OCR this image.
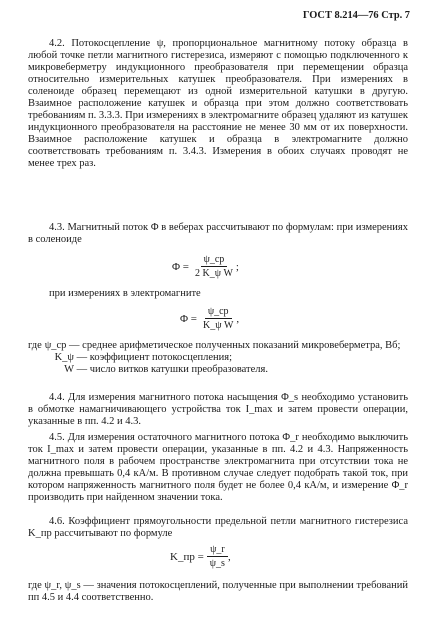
ГОСТ 8.214—76 Стр. 7

4.2. Потокосцепление ψ, пропорциональное магнитному потоку образца в любой точке петли магнитного гистерезиса, измеряют с помощью подключенного к микровеберметру индукционного преобразователя при перемещении образца относительно измерительных катушек преобразователя. При измерениях в соленоиде образец перемещают из одной измерительной катушки в другую. Взаимное расположение катушек и образца при этом должно соответствовать требованиям п. 3.3.3. При измерениях в электромагните образец удаляют из катушек индукционного преобразователя на расстояние не менее 30 мм от их поверхности. Взаимное расположение катушек и образца в электромагните должно соответствовать требованиям п. 3.4.3. Измерения в обоих случаях проводят не менее трех раз.

4.3. Магнитный поток Φ в веберах рассчитывают по формулам: при измерениях в соленоиде

$\Phi = \frac{\psi\_ср}{\text{2 K\_ψ W}}$ ;

при измерениях в электромагните

$\Phi = \frac{\psi\_ср}{\text{K\_ψ W}}$ ,
где
ψ_ср
— среднее арифметическое полученных показаний микровеберметра, Вб;
K_ψ
— коэффициент потокосцепления;
W
— число витков катушки преобразователя.

4.4. Для измерения магнитного потока насыщения Φ_s необходимо установить в обмотке намагничивающего устройства ток I_max и затем провести операции, указанные в пп. 4.2 и 4.3.

4.5. Для измерения остаточного магнитного потока Φ_r необходимо выключить ток I_max и затем провести операции, указанные в пп. 4.2 и 4.3. Напряженность магнитного поля в рабочем пространстве электромагнита при отсутствии тока не должна превышать 0,4 кА/м. В противном случае следует подобрать такой ток, при котором напряженность магнитного поля будет не более 0,4 кА/м, и измерение Φ_r производить при найденном значении тока.

4.6. Коэффициент прямоугольности предельной петли магнитного гистерезиса K_пр рассчитывают по формуле

K_пр = $\frac{\psi\_r}{\psi\_s}$ ,

где ψ_r, ψ_s — значения потокосцеплений, полученные при выполнении требований пп 4.5 и 4.4 соответственно.
